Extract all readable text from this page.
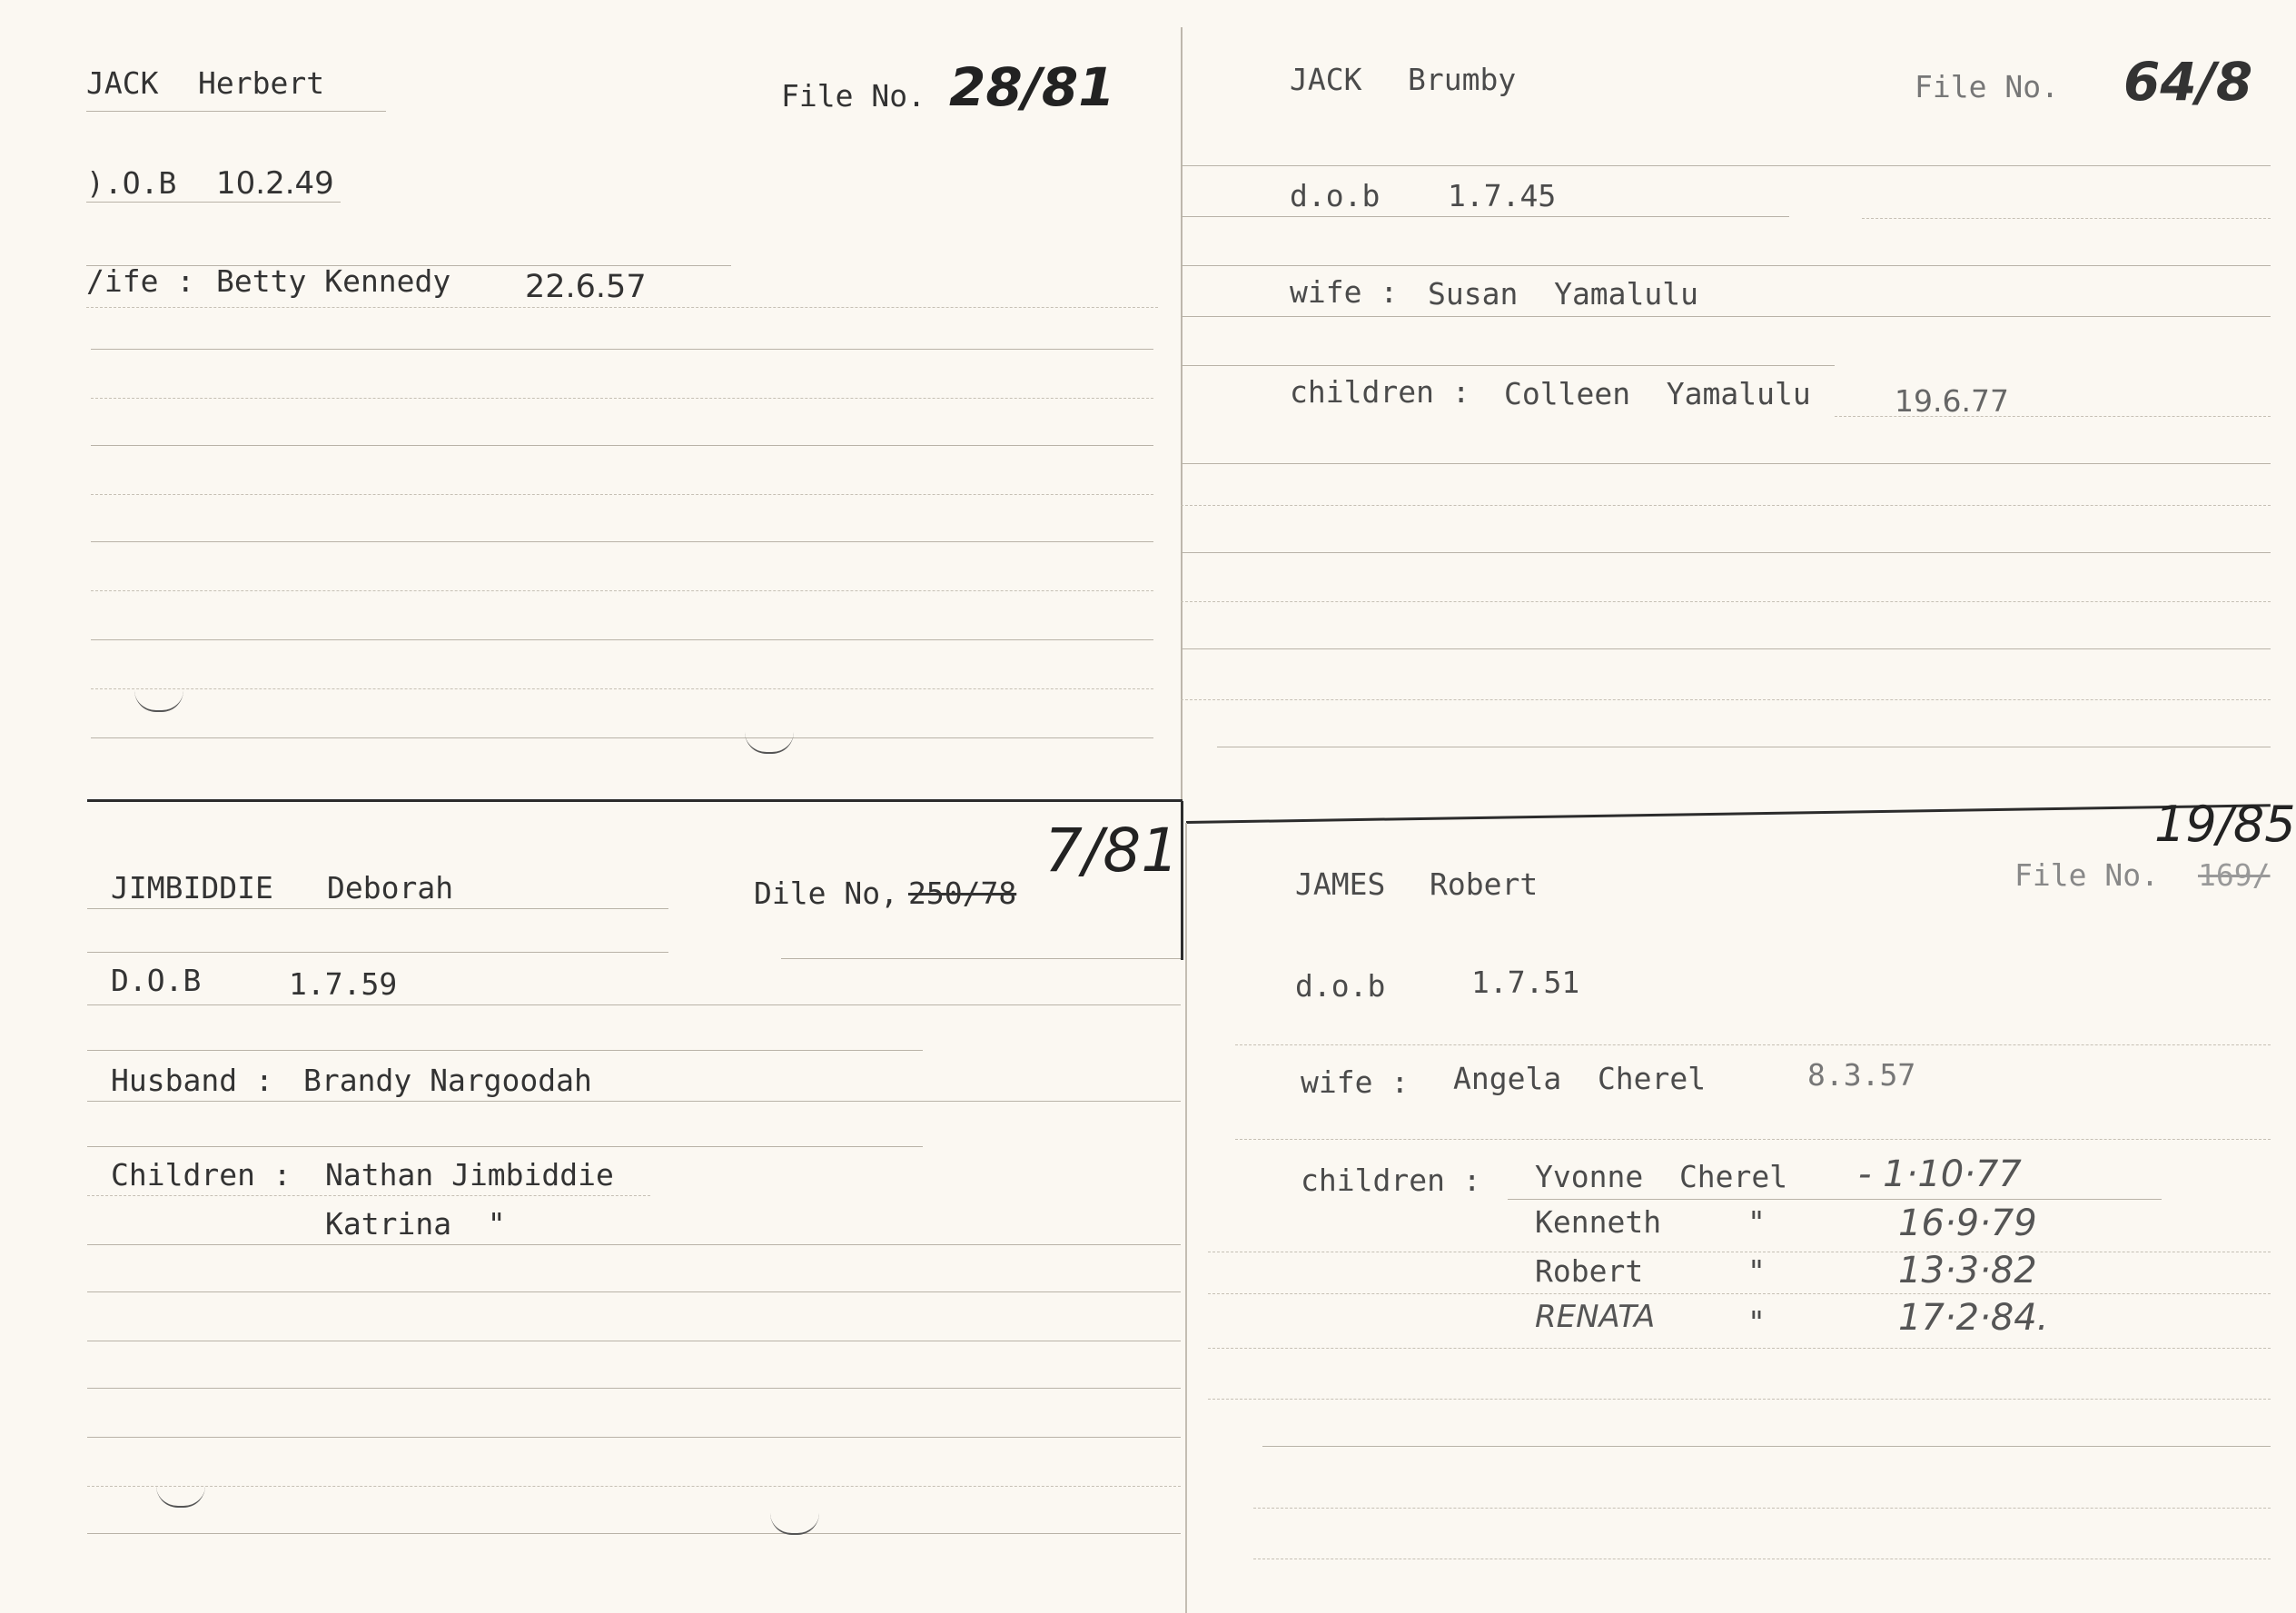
JACK Herbert	File No. 28/81
).O.B 10.2.49
/ife : Betty Kennedy 22.6.57
JACK Brumby	File No. 64/8
d.o.b 1.7.45
wife : Susan  Yamalulu
children : Colleen  Yamalulu	19.6.77
JIMBIDDIE Deborah	Dile No, 250/78
7/81
D.O.B	1.7.59
Husband : Brandy Nargoodah
Children : Nathan Jimbiddie
Katrina  "
JAMES Robert	File No. 169/
19/85
d.o.b	1.7.51
wife : Angela  Cherel	8.3.57
children : Yvonne  Cherel - 1·10·77
Kenneth	"	16·9·79
Robert	"	13·3·82
RENATA	"	17·2·84.
